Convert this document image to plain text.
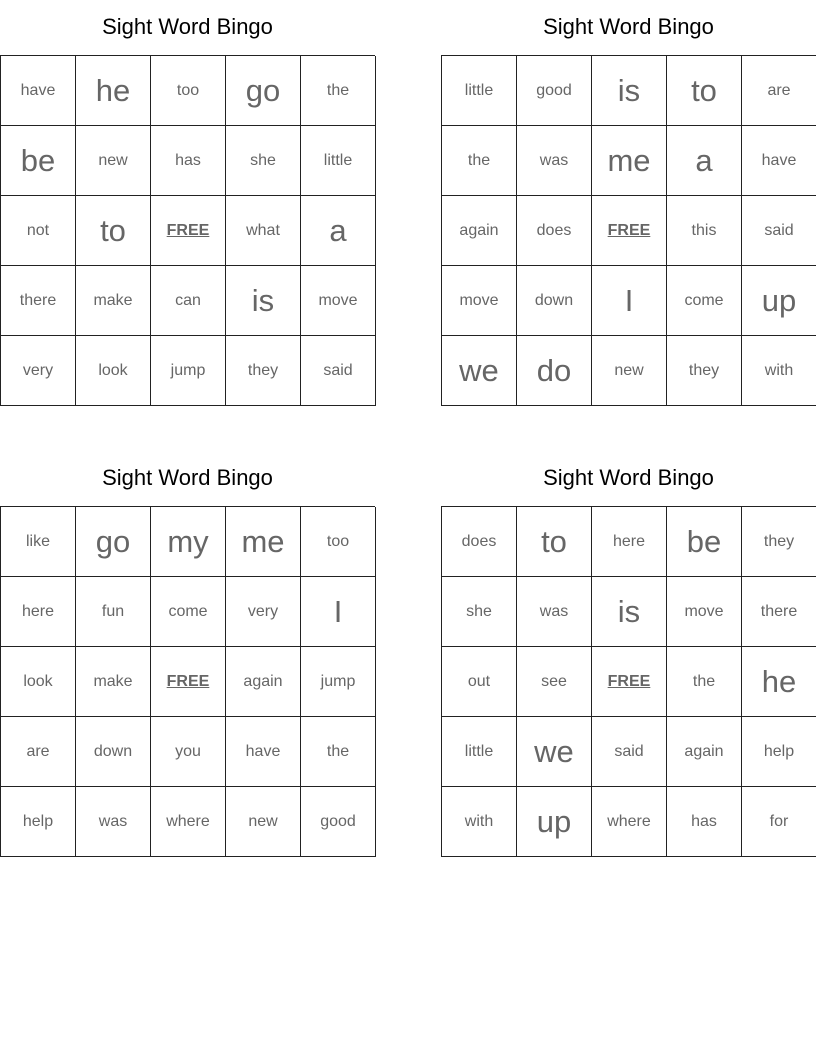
Sight Word Bingo
have	he	too	go	the
be	new	has	she	little
not	to	FREE	what	a
there	make	can	is	move
very	look	jump	they	said
Sight Word Bingo
little	good	is	to	are
the	was	me	a	have
again	does	FREE	this	said
move	down	I	come	up
we	do	new	they	with
Sight Word Bingo
like	go	my	me	too
here	fun	come	very	I
look	make	FREE	again	jump
are	down	you	have	the
help	was	where	new	good
Sight Word Bingo
does	to	here	be	they
she	was	is	move	there
out	see	FREE	the	he
little	we	said	again	help
with	up	where	has	for
